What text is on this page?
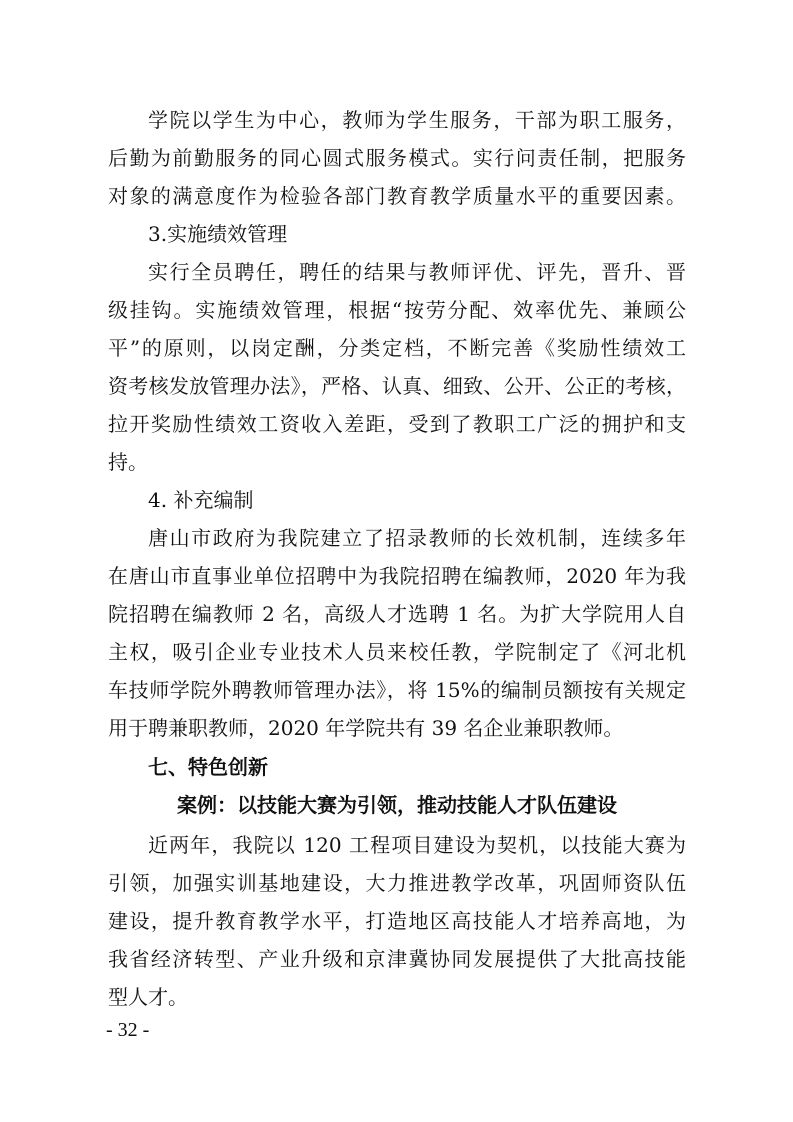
学院以学生为中心，教师为学生服务，干部为职工服务，
后勤为前勤服务的同心圆式服务模式。实行问责任制，把服务
对象的满意度作为检验各部门教育教学质量水平的重要因素。
3.实施绩效管理
实行全员聘任，聘任的结果与教师评优、评先，晋升、晋
级挂钩。实施绩效管理，根据“按劳分配、效率优先、兼顾公
平”的原则，以岗定酬，分类定档，不断完善《奖励性绩效工
资考核发放管理办法》，严格、认真、细致、公开、公正的考核，
拉开奖励性绩效工资收入差距，受到了教职工广泛的拥护和支
持。
4. 补充编制
唐山市政府为我院建立了招录教师的长效机制，连续多年
在唐山市直事业单位招聘中为我院招聘在编教师，2020 年为我
院招聘在编教师 2 名，高级人才选聘 1 名。为扩大学院用人自
主权，吸引企业专业技术人员来校任教，学院制定了《河北机
车技师学院外聘教师管理办法》，将 15%的编制员额按有关规定
用于聘兼职教师，2020 年学院共有 39 名企业兼职教师。
七、特色创新
案例：以技能大赛为引领，推动技能人才队伍建设
近两年，我院以 120 工程项目建设为契机，以技能大赛为
引领，加强实训基地建设，大力推进教学改革，巩固师资队伍
建设，提升教育教学水平，打造地区高技能人才培养高地，为
我省经济转型、产业升级和京津冀协同发展提供了大批高技能
型人才。
- 32 -
